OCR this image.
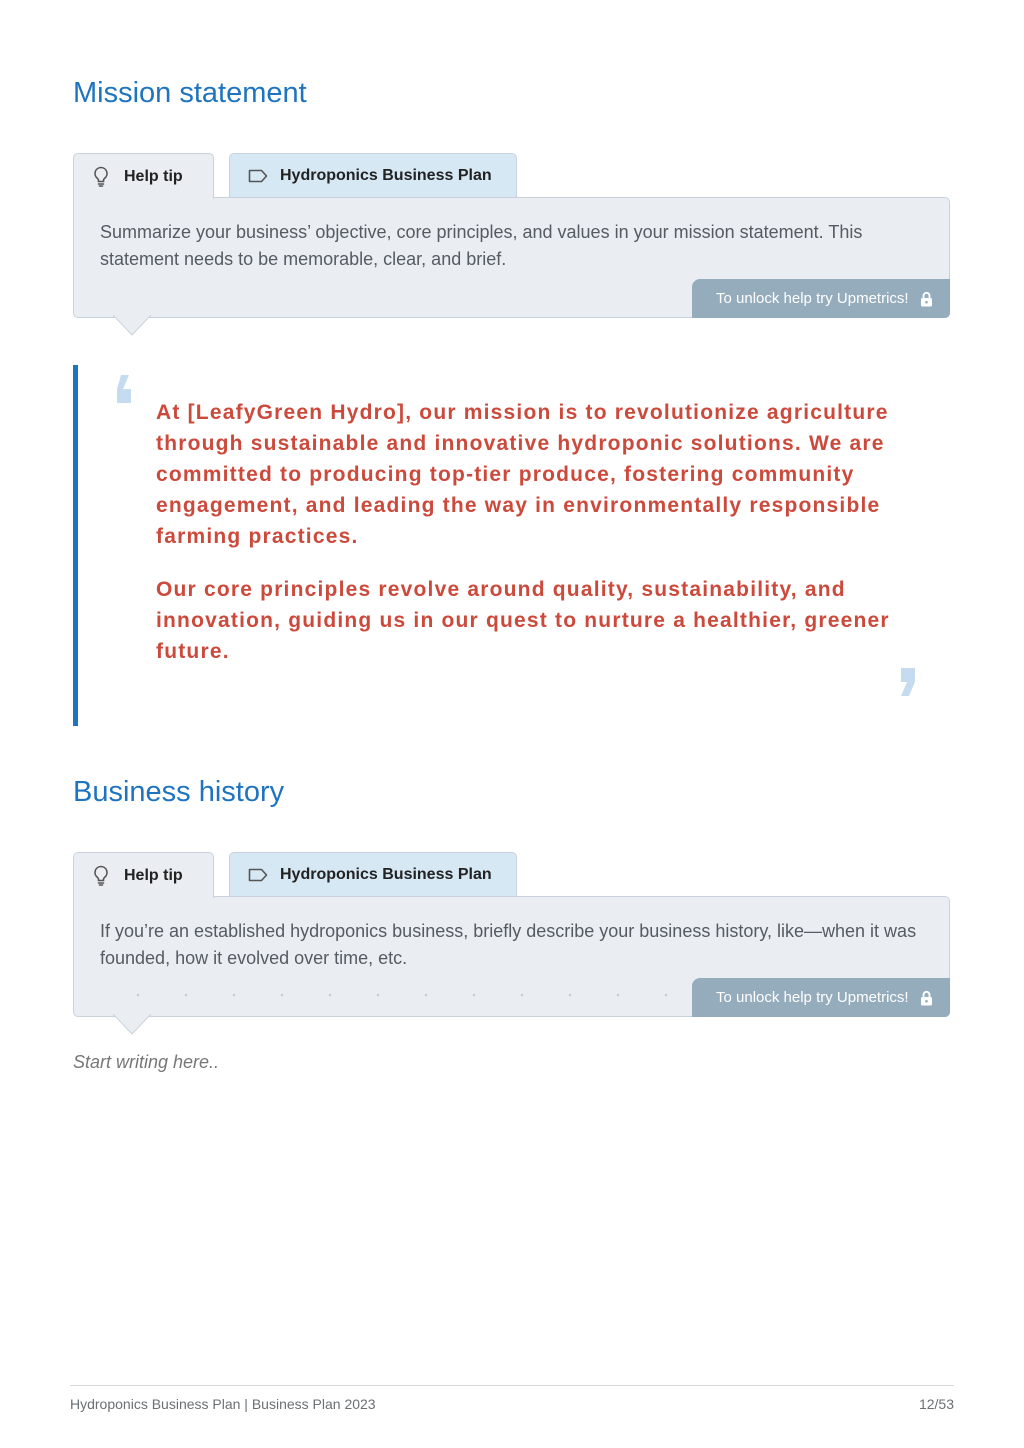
Mission statement
Help tip	Hydroponics Business Plan

Summarize your business’ objective, core principles, and values in your mission statement. This statement needs to be memorable, clear, and brief.

To unlock help try Upmetrics!

At [LeafyGreen Hydro], our mission is to revolutionize agriculture through sustainable and innovative hydroponic solutions. We are committed to producing top-tier produce, fostering community engagement, and leading the way in environmentally responsible farming practices.

Our core principles revolve around quality, sustainability, and innovation, guiding us in our quest to nurture a healthier, greener future.

Business history
Help tip	Hydroponics Business Plan

If you’re an established hydroponics business, briefly describe your business history, like—when it was founded, how it evolved over time, etc.

To unlock help try Upmetrics!

Start writing here..

Hydroponics Business Plan | Business Plan 2023	12/53
